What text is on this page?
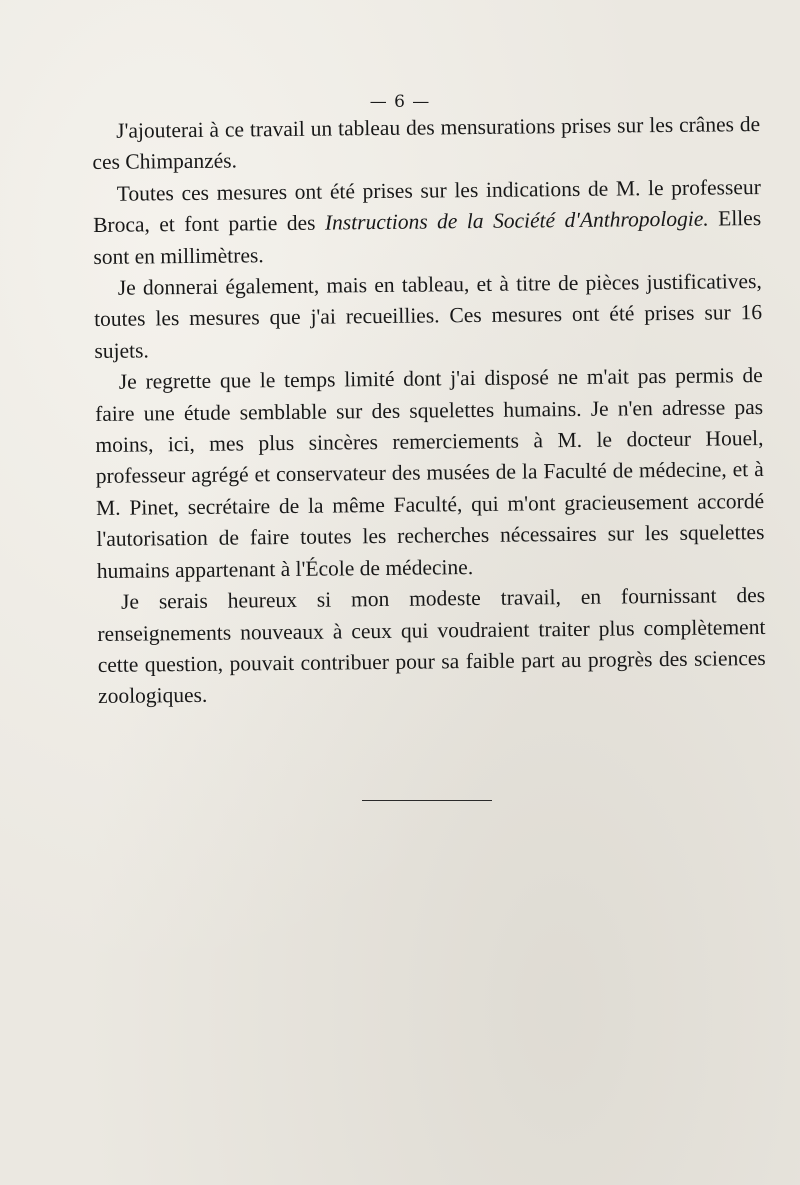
​
— 6 —

J'ajouterai à ce travail un tableau des mensurations prises sur les crânes de ces Chimpanzés.

Toutes ces mesures ont été prises sur les indications de M. le professeur Broca, et font partie des Instructions de la Société d'Anthropologie. Elles sont en millimètres.

Je donnerai également, mais en tableau, et à titre de pièces justificatives, toutes les mesures que j'ai recueillies. Ces mesures ont été prises sur 16 sujets.

Je regrette que le temps limité dont j'ai disposé ne m'ait pas permis de faire une étude semblable sur des squelettes humains. Je n'en adresse pas moins, ici, mes plus sincères remerciements à M. le docteur Houel, professeur agrégé et conservateur des musées de la Faculté de médecine, et à M. Pinet, secrétaire de la même Faculté, qui m'ont gracieusement accordé l'autorisation de faire toutes les recherches nécessaires sur les squelettes humains appartenant à l'École de médecine.

Je serais heureux si mon modeste travail, en fournissant des renseignements nouveaux à ceux qui voudraient traiter plus complètement cette question, pouvait contribuer pour sa faible part au progrès des sciences zoologiques.
